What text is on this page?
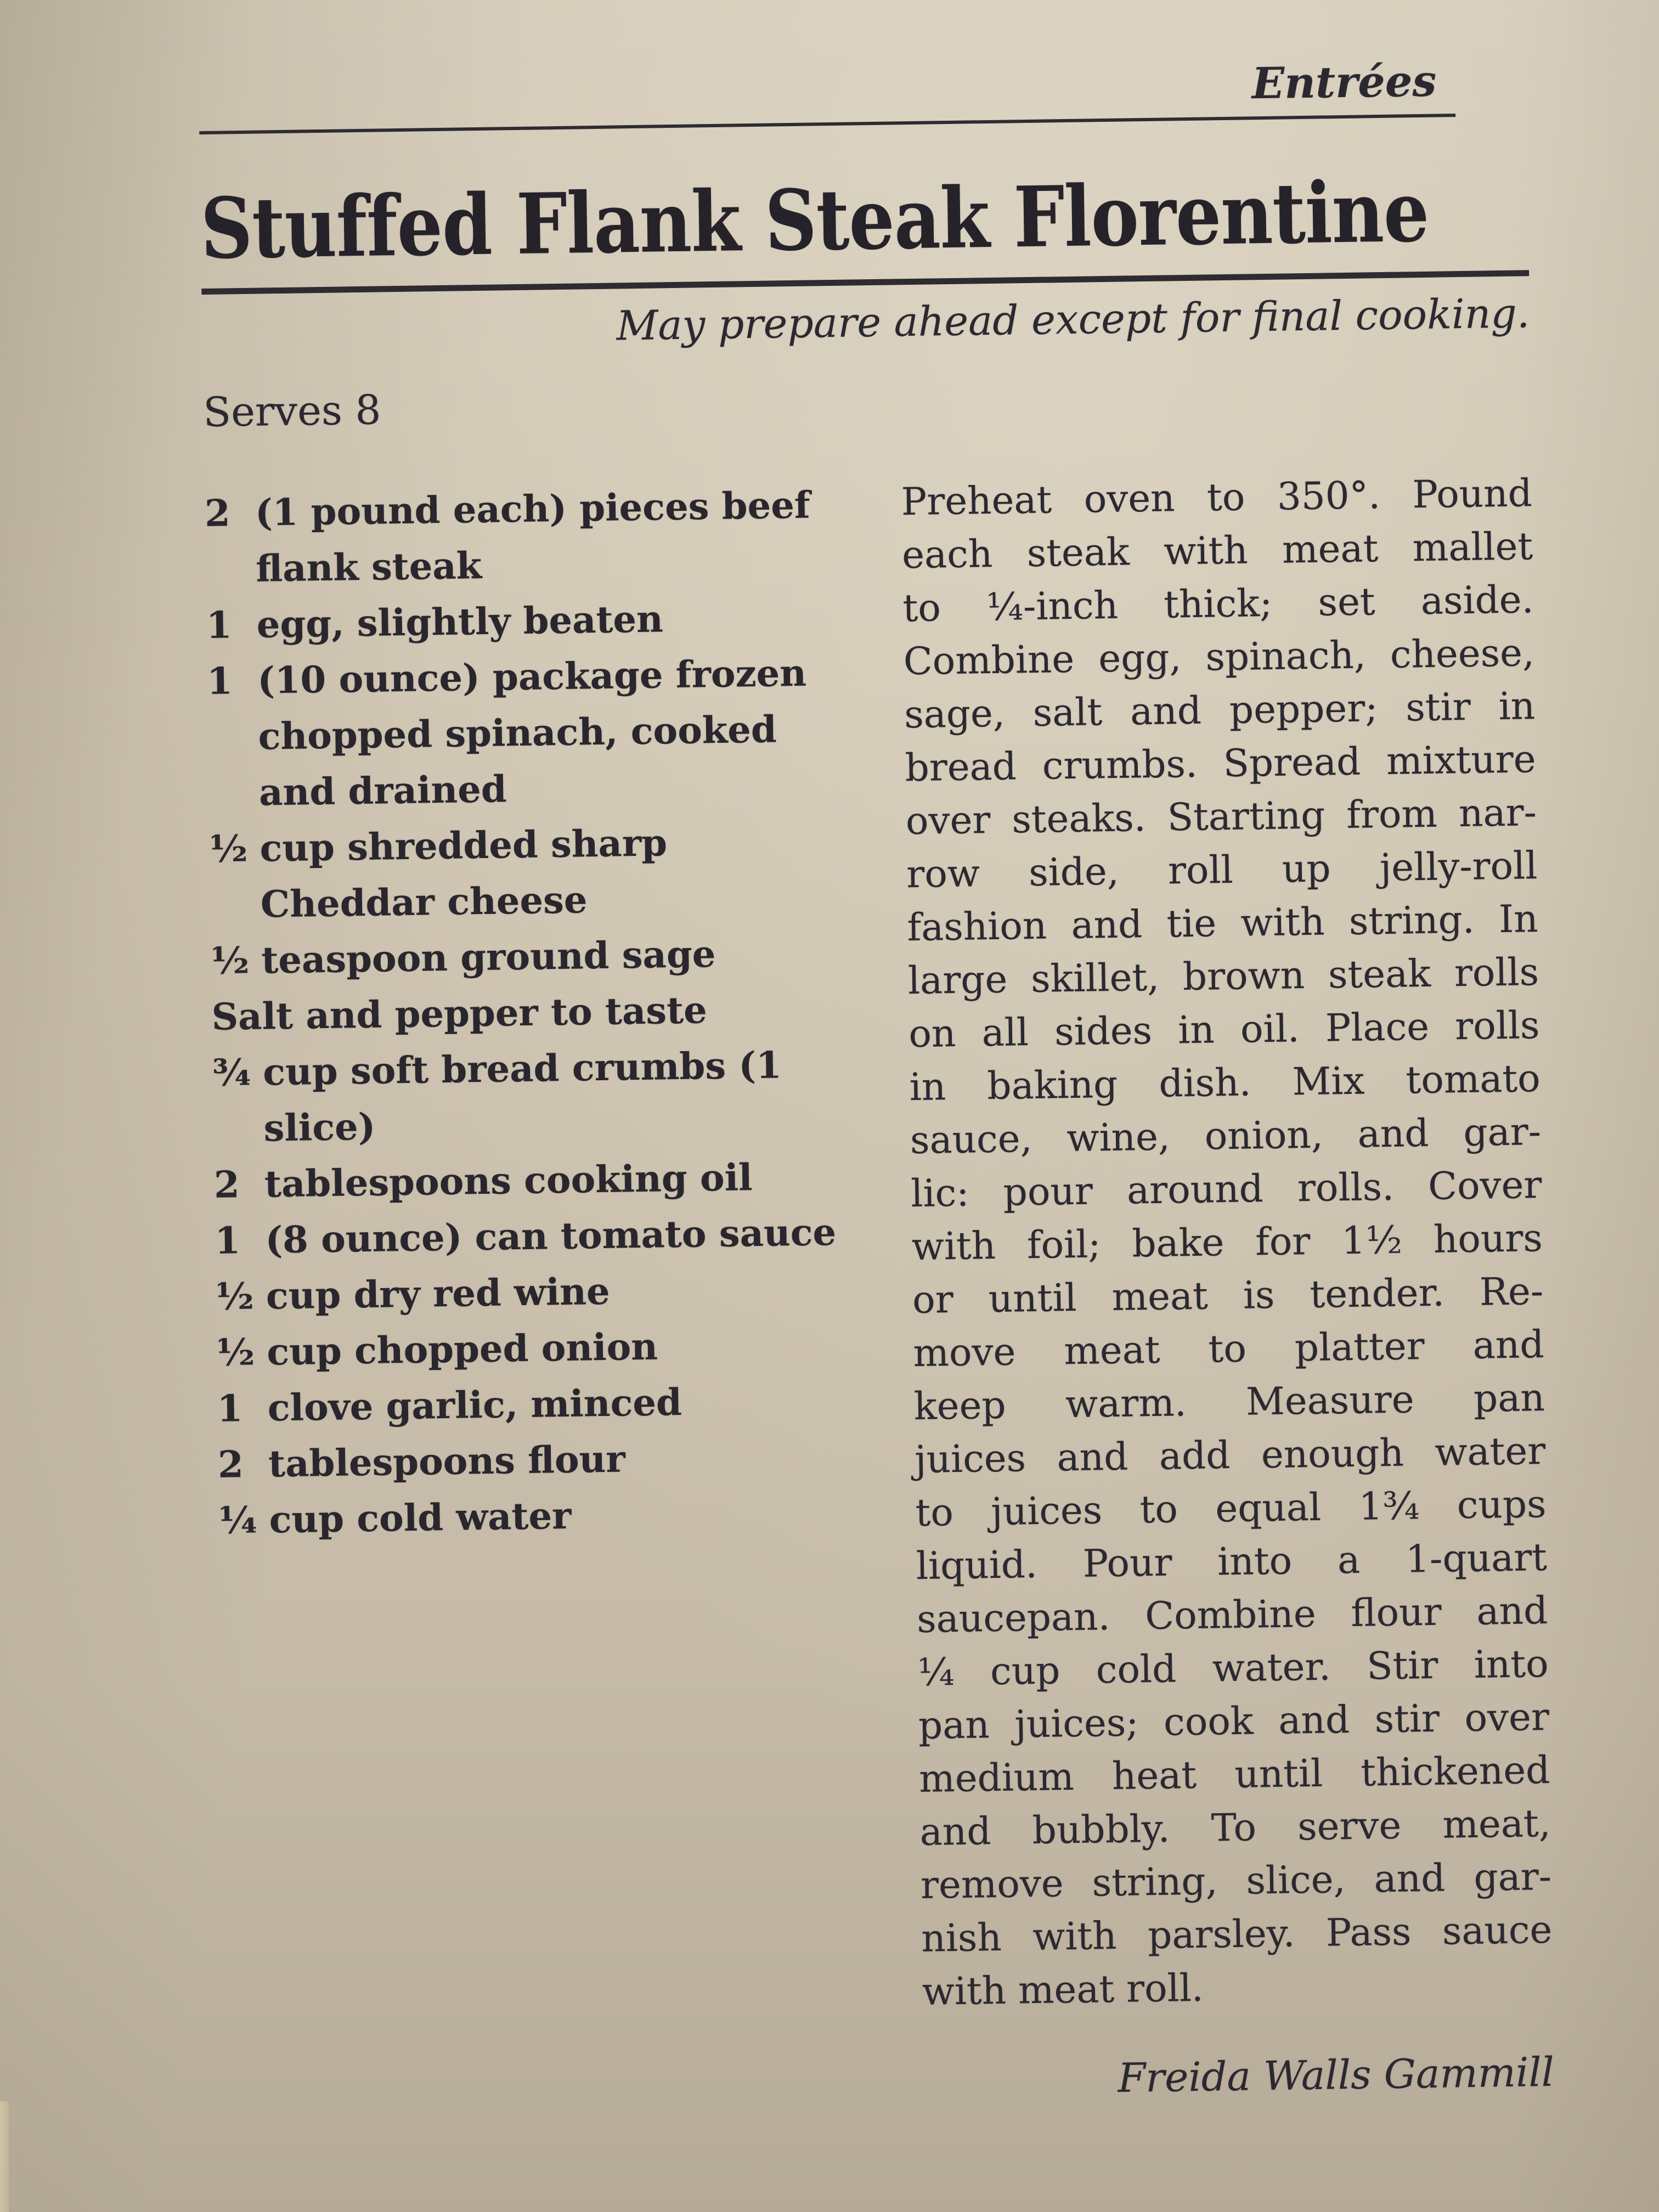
Entrées
Stuffed Flank Steak Florentine
May prepare ahead except for final cooking.
Serves 8
2 (1 pound each) pieces beef
flank steak
1 egg, slightly beaten
1 (10 ounce) package frozen
chopped spinach, cooked
and drained
½ cup shredded sharp
Cheddar cheese
½ teaspoon ground sage
Salt and pepper to taste
¾ cup soft bread crumbs (1
slice)
2 tablespoons cooking oil
1 (8 ounce) can tomato sauce
½ cup dry red wine
½ cup chopped onion
1 clove garlic, minced
2 tablespoons flour
¼ cup cold water
Preheat oven to 350°. Pound
each steak with meat mallet
to ¼-inch thick; set aside.
Combine egg, spinach, cheese,
sage, salt and pepper; stir in
bread crumbs. Spread mixture
over steaks. Starting from nar-
row side, roll up jelly-roll
fashion and tie with string. In
large skillet, brown steak rolls
on all sides in oil. Place rolls
in baking dish. Mix tomato
sauce, wine, onion, and gar-
lic: pour around rolls. Cover
with foil; bake for 1½ hours
or until meat is tender. Re-
move meat to platter and
keep warm. Measure pan
juices and add enough water
to juices to equal 1¾ cups
liquid. Pour into a 1-quart
saucepan. Combine flour and
¼ cup cold water. Stir into
pan juices; cook and stir over
medium heat until thickened
and bubbly. To serve meat,
remove string, slice, and gar-
nish with parsley. Pass sauce
with meat roll.
Freida Walls Gammill
